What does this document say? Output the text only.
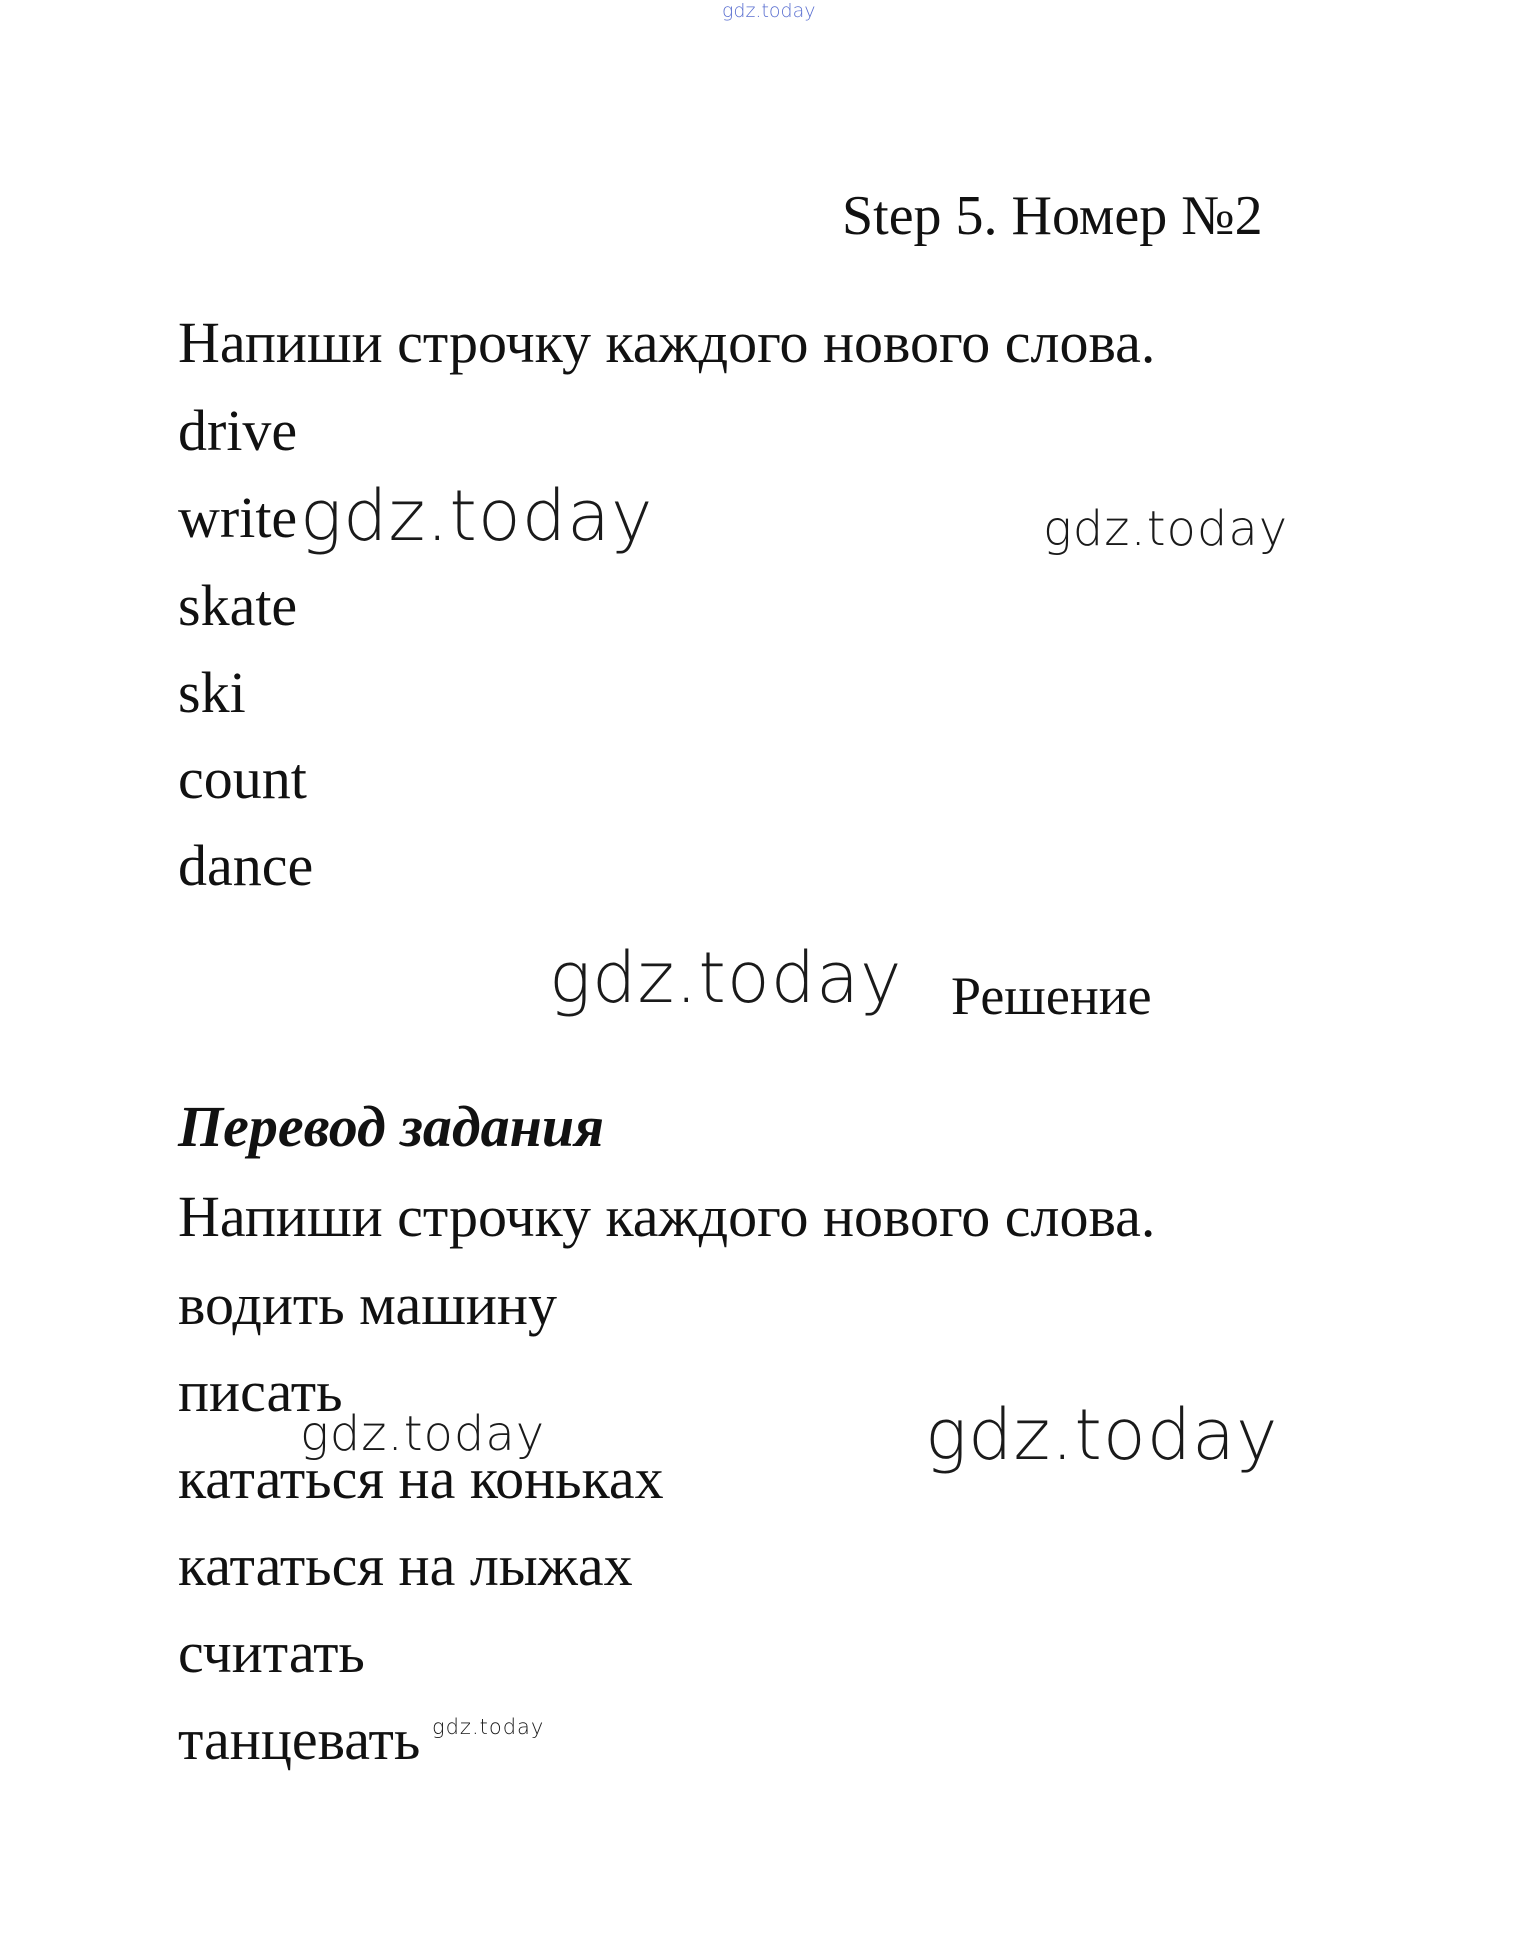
gdz.today
Step 5. Номер №2
Напиши строчку каждого нового слова.
drive
write gdz.today	gdz.today
skate
ski
count
dance
gdz.today Решение
Перевод задания
Напиши строчку каждого нового слова.
водить машину
писать
gdz.today	gdz.today
кататься на коньках
кататься на лыжах
считать
танцевать gdz.today
